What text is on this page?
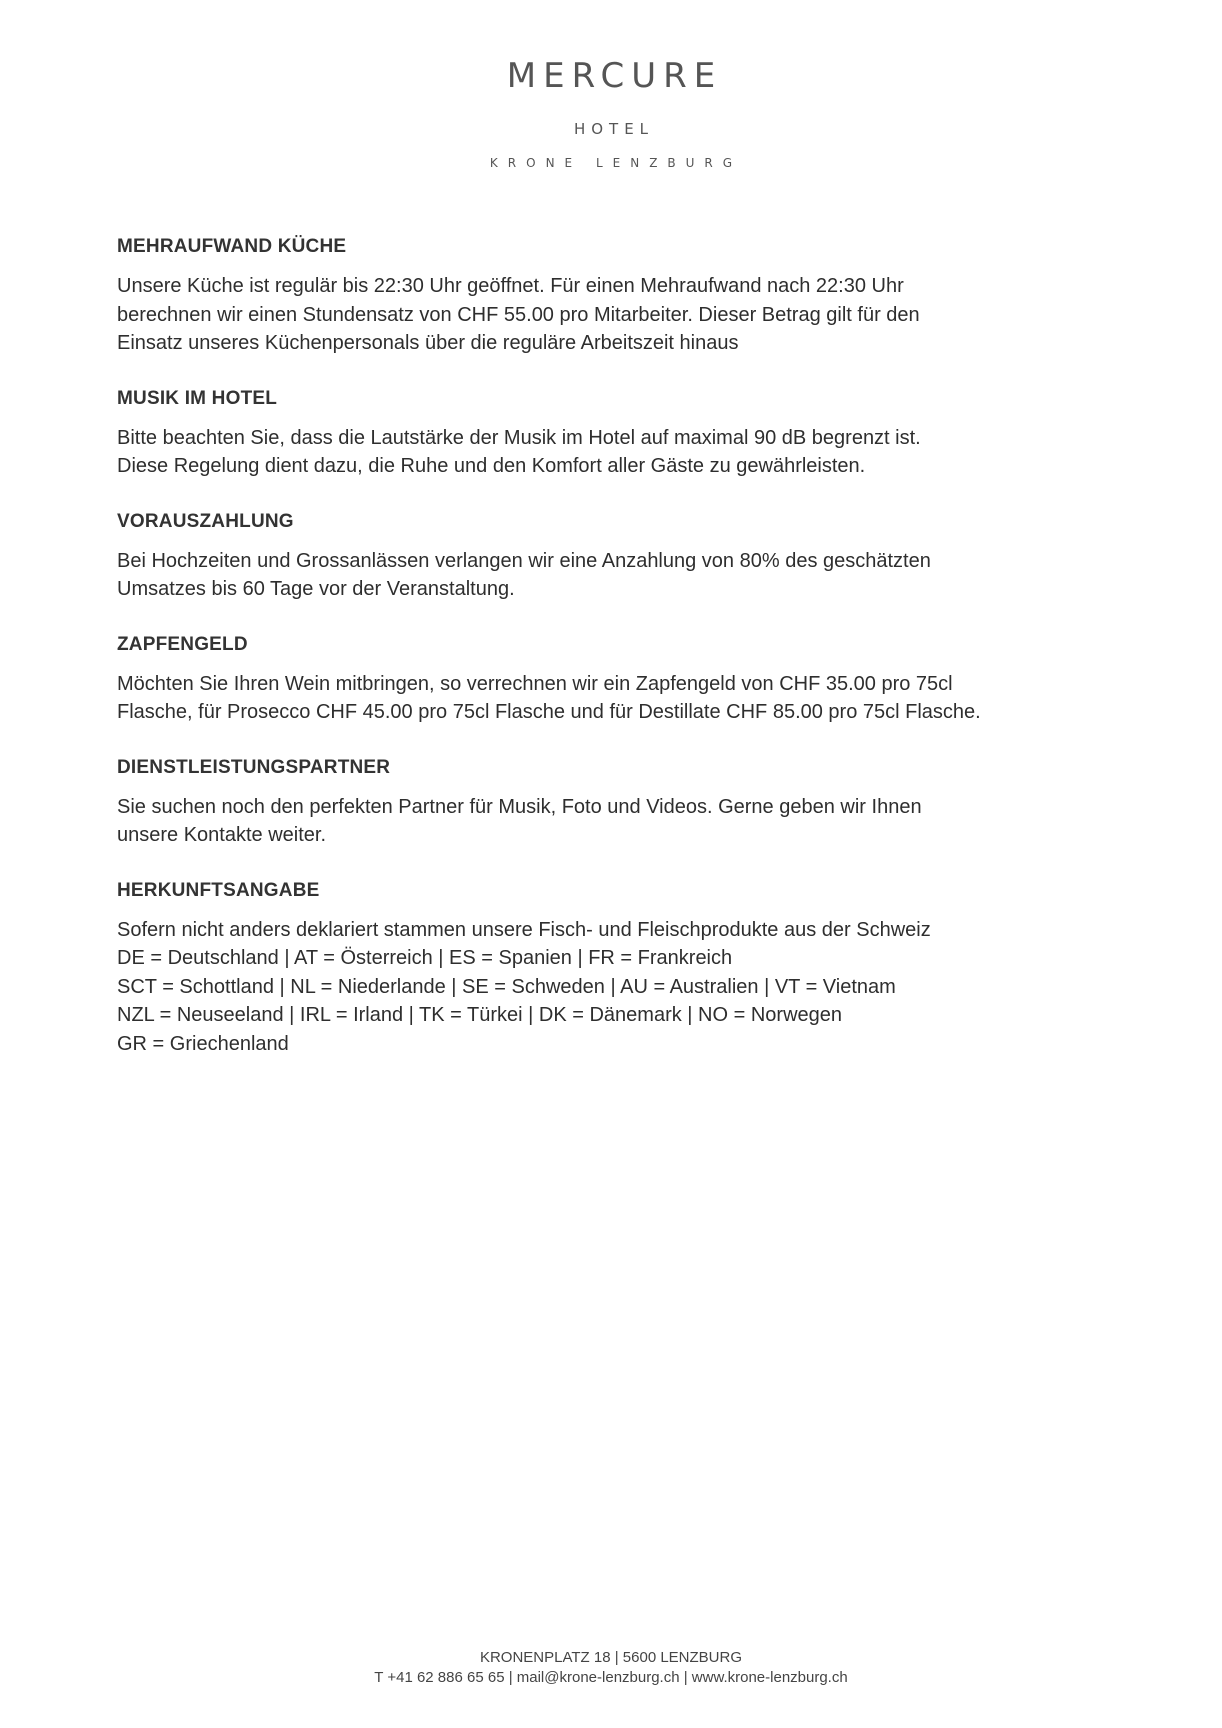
MERCURE
HOTEL
KRONE LENZBURG
MEHRAUFWAND KÜCHE
Unsere Küche ist regulär bis 22:30 Uhr geöffnet. Für einen Mehraufwand nach 22:30 Uhr
berechnen wir einen Stundensatz von CHF 55.00 pro Mitarbeiter. Dieser Betrag gilt für den
Einsatz unseres Küchenpersonals über die reguläre Arbeitszeit hinaus
MUSIK IM HOTEL
Bitte beachten Sie, dass die Lautstärke der Musik im Hotel auf maximal 90 dB begrenzt ist.
Diese Regelung dient dazu, die Ruhe und den Komfort aller Gäste zu gewährleisten.
VORAUSZAHLUNG
Bei Hochzeiten und Grossanlässen verlangen wir eine Anzahlung von 80% des geschätzten
Umsatzes bis 60 Tage vor der Veranstaltung.
ZAPFENGELD
Möchten Sie Ihren Wein mitbringen, so verrechnen wir ein Zapfengeld von CHF 35.00 pro 75cl
Flasche, für Prosecco CHF 45.00 pro 75cl Flasche und für Destillate CHF 85.00 pro 75cl Flasche.
DIENSTLEISTUNGSPARTNER
Sie suchen noch den perfekten Partner für Musik, Foto und Videos. Gerne geben wir Ihnen
unsere Kontakte weiter.
HERKUNFTSANGABE
Sofern nicht anders deklariert stammen unsere Fisch- und Fleischprodukte aus der Schweiz
DE = Deutschland | AT = Österreich | ES = Spanien | FR = Frankreich
SCT = Schottland | NL = Niederlande | SE = Schweden | AU = Australien | VT = Vietnam
NZL = Neuseeland | IRL = Irland | TK = Türkei | DK = Dänemark | NO = Norwegen
GR = Griechenland
KRONENPLATZ 18 | 5600 LENZBURG
T +41 62 886 65 65 | mail@krone-lenzburg.ch | www.krone-lenzburg.ch
